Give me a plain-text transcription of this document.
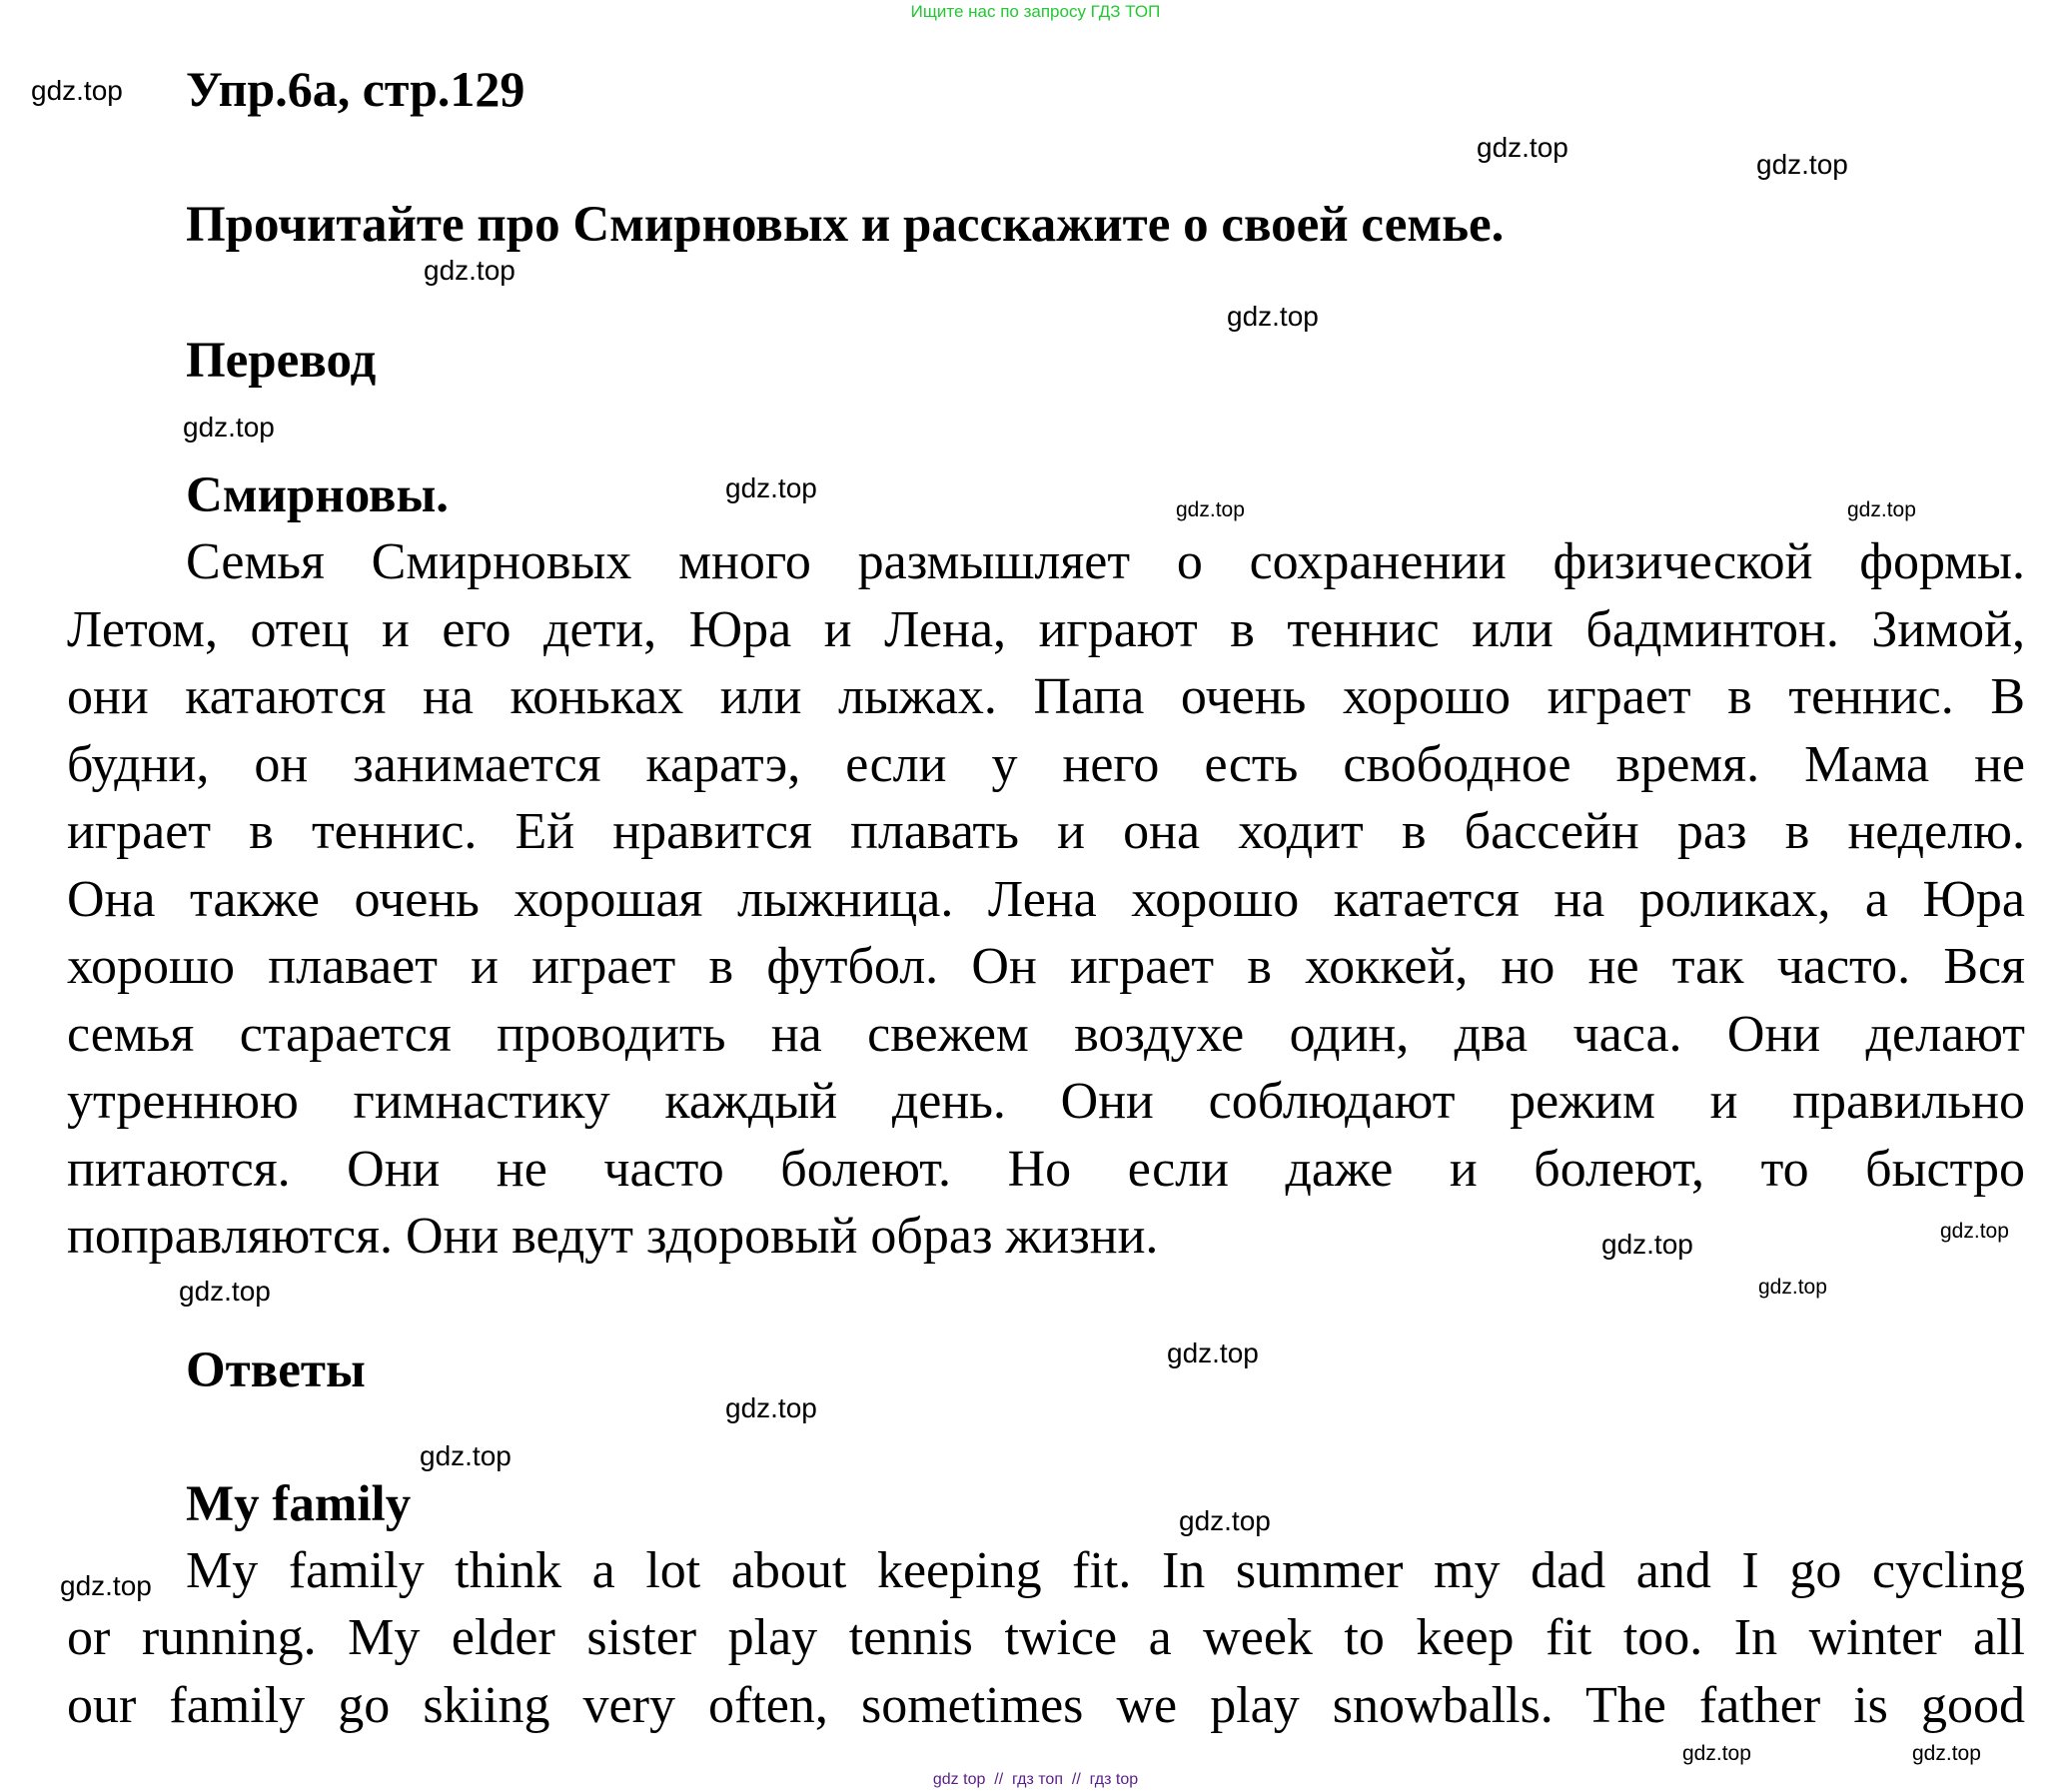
Ищите нас по запросу ГДЗ ТОП
Упр.6а, стр.129
Прочитайте про Смирновых и расскажите о своей семье.
Перевод
Смирновы.
Семья Смирновых много размышляет о сохранении физической формы.
Летом, отец и его дети, Юра и Лена, играют в теннис или бадминтон. Зимой,
они катаются на коньках или лыжах. Папа очень хорошо играет в теннис. В
будни, он занимается каратэ, если у него есть свободное время. Мама не
играет в теннис. Ей нравится плавать и она ходит в бассейн раз в неделю.
Она также очень хорошая лыжница. Лена хорошо катается на роликах, а Юра
хорошо плавает и играет в футбол. Он играет в хоккей, но не так часто. Вся
семья старается проводить на свежем воздухе один, два часа. Они делают
утреннюю гимнастику каждый день. Они соблюдают режим и правильно
питаются. Они не часто болеют. Но если даже и болеют, то быстро
поправляются. Они ведут здоровый образ жизни.
Ответы
My family
My family think a lot about keeping fit. In summer my dad and I go cycling
or running. My elder sister play tennis twice a week to keep fit too. In winter all
our family go skiing very often, sometimes we play snowballs. The father is good
gdz.top
gdz.top
gdz.top
gdz.top
gdz.top
gdz.top
gdz.top
gdz.top	gdz.top
gdz.top
gdz.top
gdz.top
gdz.top
gdz.top
gdz.top
gdz.top
gdz.top
gdz.top
gdz.top
gdz.top
gdz top  //  гдз топ  //  гдз top
